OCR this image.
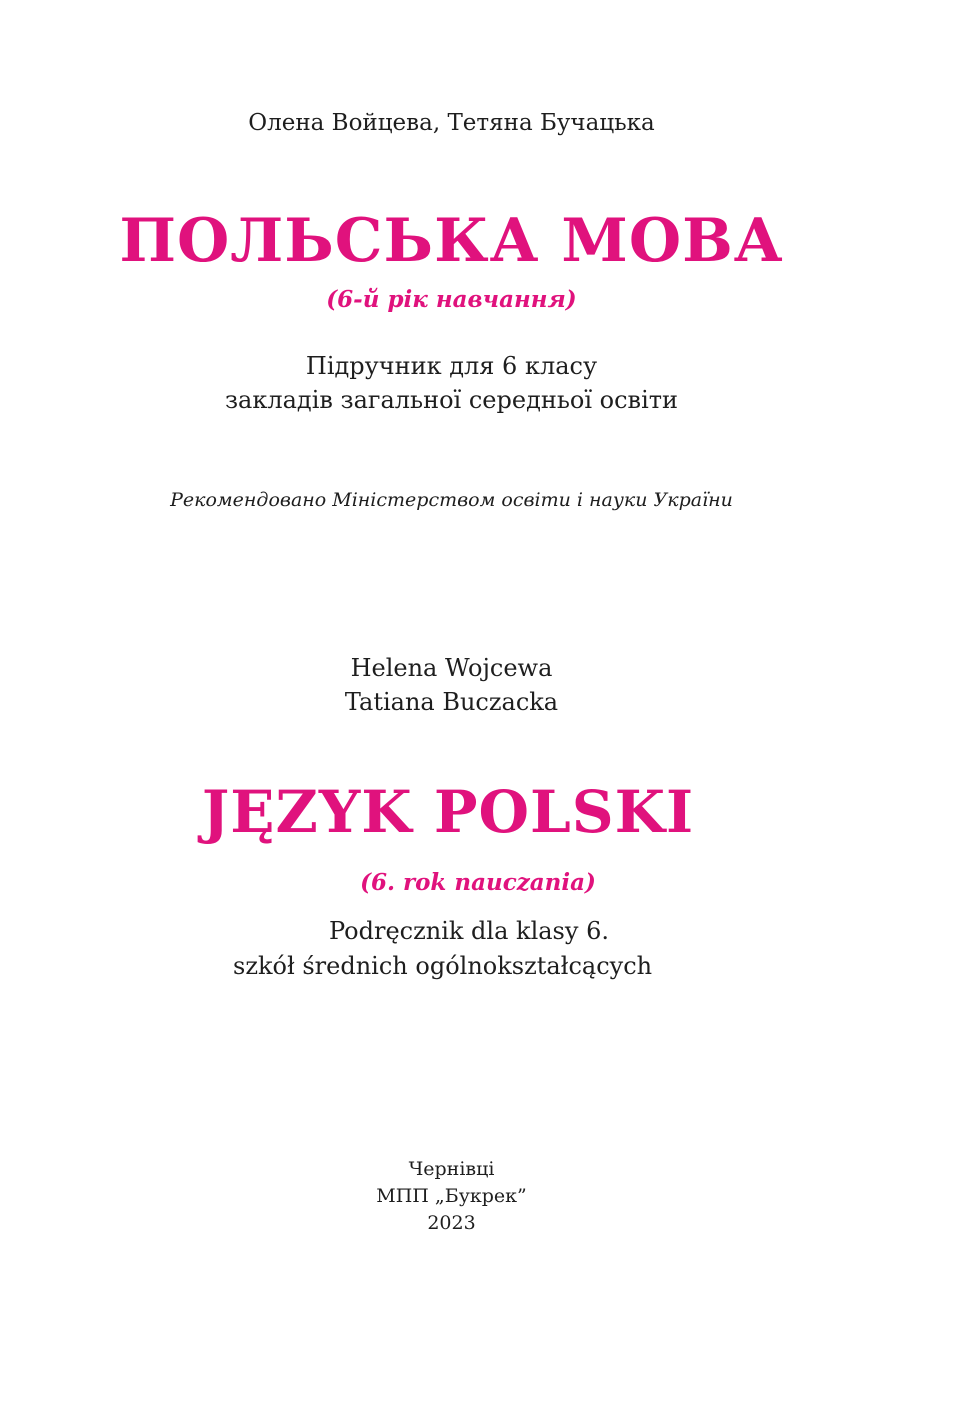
Олена Войцева, Тетяна Бучацька

ПОЛЬСЬКА МОВА

(6-й рік навчання)

Підручник для 6 класу

закладів загальної середньої освіти

Рекомендовано Міністерством освіти і науки України

Helena Wojcewa

Tatiana Buczacka

JĘZYK POLSKI

(6. rok nauczania)

Podręcznik dla klasy 6.

szkół średnich ogólnokształcących

Чернівці

МПП „Букрек”

2023
